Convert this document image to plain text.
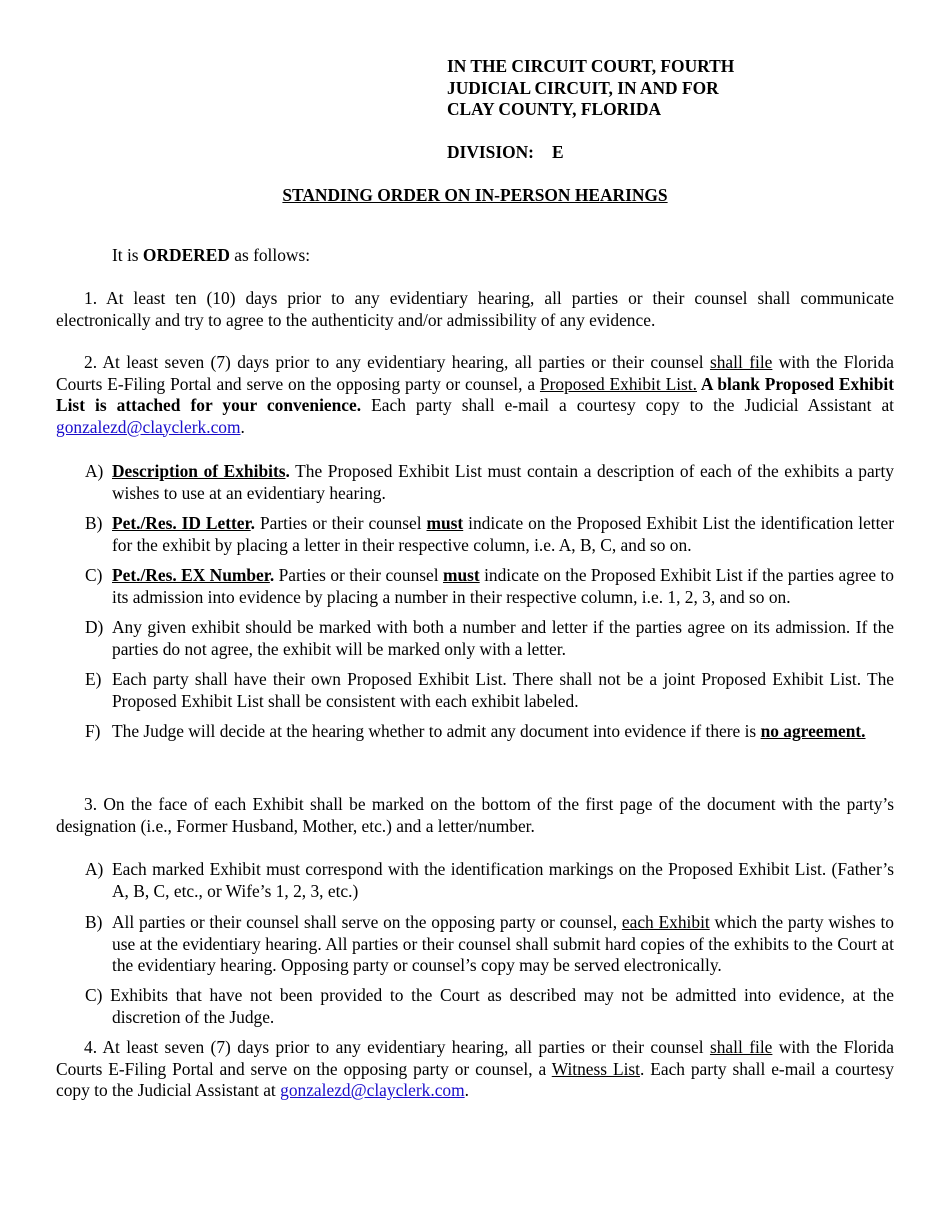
IN THE CIRCUIT COURT, FOURTH
JUDICIAL CIRCUIT, IN AND FOR
CLAY COUNTY, FLORIDA
DIVISION: E
STANDING ORDER ON IN-PERSON HEARINGS
It is ORDERED as follows:
1. At least ten (10) days prior to any evidentiary hearing, all parties or their counsel shall communicate electronically and try to agree to the authenticity and/or admissibility of any evidence.
2. At least seven (7) days prior to any evidentiary hearing, all parties or their counsel shall file with the Florida Courts E-Filing Portal and serve on the opposing party or counsel, a Proposed Exhibit List. A blank Proposed Exhibit List is attached for your convenience. Each party shall e-mail a courtesy copy to the Judicial Assistant at gonzalezd@clayclerk.com.
A) Description of Exhibits. The Proposed Exhibit List must contain a description of each of the exhibits a party wishes to use at an evidentiary hearing.
B) Pet./Res. ID Letter. Parties or their counsel must indicate on the Proposed Exhibit List the identification letter for the exhibit by placing a letter in their respective column, i.e. A, B, C, and so on.
C) Pet./Res. EX Number. Parties or their counsel must indicate on the Proposed Exhibit List if the parties agree to its admission into evidence by placing a number in their respective column, i.e. 1, 2, 3, and so on.
D) Any given exhibit should be marked with both a number and letter if the parties agree on its admission. If the parties do not agree, the exhibit will be marked only with a letter.
E) Each party shall have their own Proposed Exhibit List. There shall not be a joint Proposed Exhibit List. The Proposed Exhibit List shall be consistent with each exhibit labeled.
F) The Judge will decide at the hearing whether to admit any document into evidence if there is no agreement.
3. On the face of each Exhibit shall be marked on the bottom of the first page of the document with the party’s designation (i.e., Former Husband, Mother, etc.) and a letter/number.
A) Each marked Exhibit must correspond with the identification markings on the Proposed Exhibit List. (Father’s A, B, C, etc., or Wife’s 1, 2, 3, etc.)
B) All parties or their counsel shall serve on the opposing party or counsel, each Exhibit which the party wishes to use at the evidentiary hearing. All parties or their counsel shall submit hard copies of the exhibits to the Court at the evidentiary hearing. Opposing party or counsel’s copy may be served electronically.
C) Exhibits that have not been provided to the Court as described may not be admitted into evidence, at the discretion of the Judge.
4. At least seven (7) days prior to any evidentiary hearing, all parties or their counsel shall file with the Florida Courts E-Filing Portal and serve on the opposing party or counsel, a Witness List. Each party shall e-mail a courtesy copy to the Judicial Assistant at gonzalezd@clayclerk.com.
